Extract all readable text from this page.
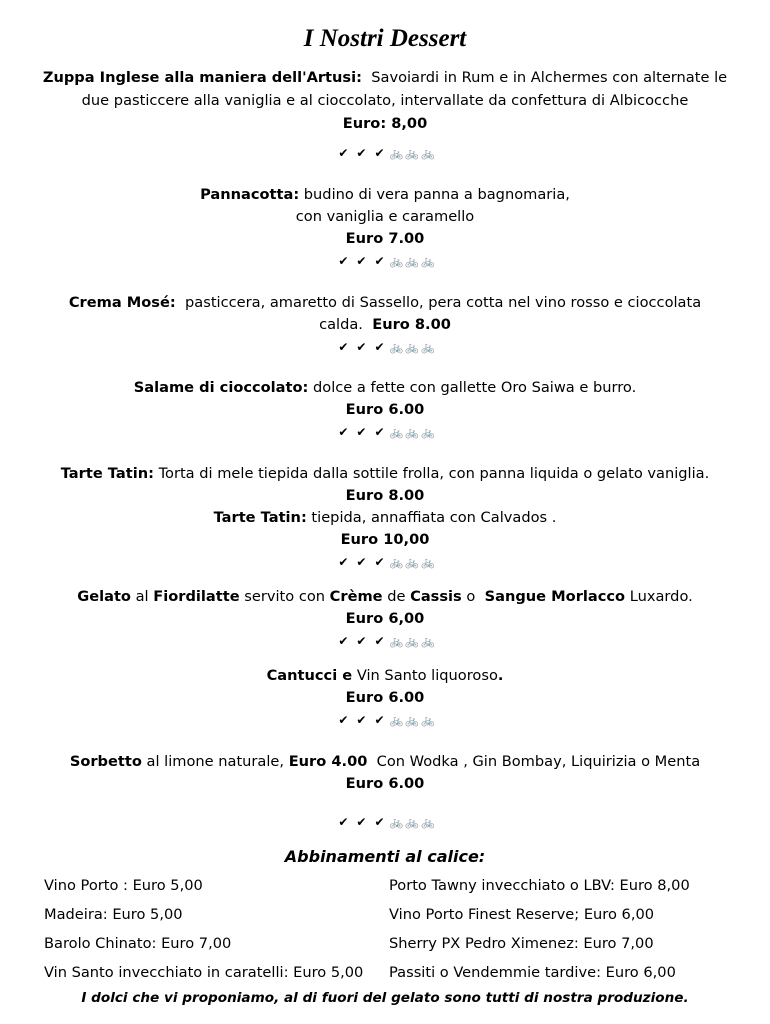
I Nostri Dessert
Zuppa Inglese alla maniera dell'Artusi: Savoiardi in Rum e in Alchermes con alternate le
due pasticcere alla vaniglia e al cioccolato, intervallate da confettura di Albicocche
Euro: 8,00
✔ ✔ ✔ 🚲 🚲 🚲
Pannacotta: budino di vera panna a bagnomaria,
con vaniglia e caramello
Euro 7.00
✔ ✔ ✔ 🚲 🚲 🚲
Crema Mosé: pasticcera, amaretto di Sassello, pera cotta nel vino rosso e cioccolata
calda. Euro 8.00
✔ ✔ ✔ 🚲 🚲 🚲
Salame di cioccolato: dolce a fette con gallette Oro Saiwa e burro.
Euro 6.00
✔ ✔ ✔ 🚲 🚲 🚲
Tarte Tatin: Torta di mele tiepida dalla sottile frolla, con panna liquida o gelato vaniglia.
Euro 8.00
Tarte Tatin: tiepida, annaffiata con Calvados .
Euro 10,00
✔ ✔ ✔ 🚲 🚲 🚲
Gelato al Fiordilatte servito con Crème de Cassis o Sangue Morlacco Luxardo.
Euro 6,00
✔ ✔ ✔ 🚲 🚲 🚲
Cantucci e Vin Santo liquoroso.
Euro 6.00
✔ ✔ ✔ 🚲 🚲 🚲
Sorbetto al limone naturale, Euro 4.00 Con Wodka , Gin Bombay, Liquirizia o Menta
Euro 6.00
✔ ✔ ✔ 🚲 🚲 🚲
Abbinamenti al calice:
Vino Porto : Euro 5,00
Madeira: Euro 5,00
Barolo Chinato: Euro 7,00
Vin Santo invecchiato in caratelli: Euro 5,00
Porto Tawny invecchiato o LBV: Euro 8,00
Vino Porto Finest Reserve; Euro 6,00
Sherry PX Pedro Ximenez: Euro 7,00
Passiti o Vendemmie tardive: Euro 6,00
I dolci che vi proponiamo, al di fuori del gelato sono tutti di nostra produzione.
